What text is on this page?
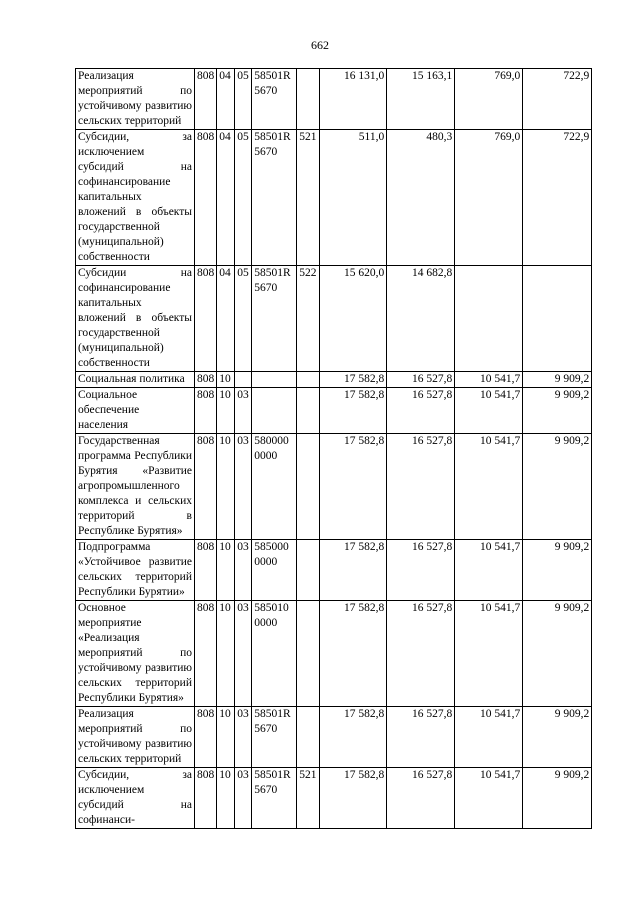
662
Реализация мероприятий по устойчивому развитию сельских территорий	808	04	05	58501R 5670		16 131,0	15 163,1	769,0	722,9
Субсидии, за исключением субсидий на софинансирование капитальных вложений в объекты государственной (муниципальной) собственности	808	04	05	58501R 5670	521	511,0	480,3	769,0	722,9
Субсидии на софинансирование капитальных вложений в объекты государственной (муниципальной) собственности	808	04	05	58501R 5670	522	15 620,0	14 682,8		
Социальная политика	808	10				17 582,8	16 527,8	10 541,7	9 909,2
Социальное обеспечение населения	808	10	03			17 582,8	16 527,8	10 541,7	9 909,2
Государственная программа Республики Бурятия «Развитие агропромышленного комплекса и сельских территорий в Республике Бурятия»	808	10	03	580000 0000		17 582,8	16 527,8	10 541,7	9 909,2
Подпрограмма «Устойчивое развитие сельских территорий Республики Бурятии»	808	10	03	585000 0000		17 582,8	16 527,8	10 541,7	9 909,2
Основное мероприятие «Реализация мероприятий по устойчивому развитию сельских территорий Республики Бурятия»	808	10	03	585010 0000		17 582,8	16 527,8	10 541,7	9 909,2
Реализация мероприятий по устойчивому развитию сельских территорий	808	10	03	58501R 5670		17 582,8	16 527,8	10 541,7	9 909,2
Субсидии, за исключением субсидий на софинанси-	808	10	03	58501R 5670	521	17 582,8	16 527,8	10 541,7	9 909,2
